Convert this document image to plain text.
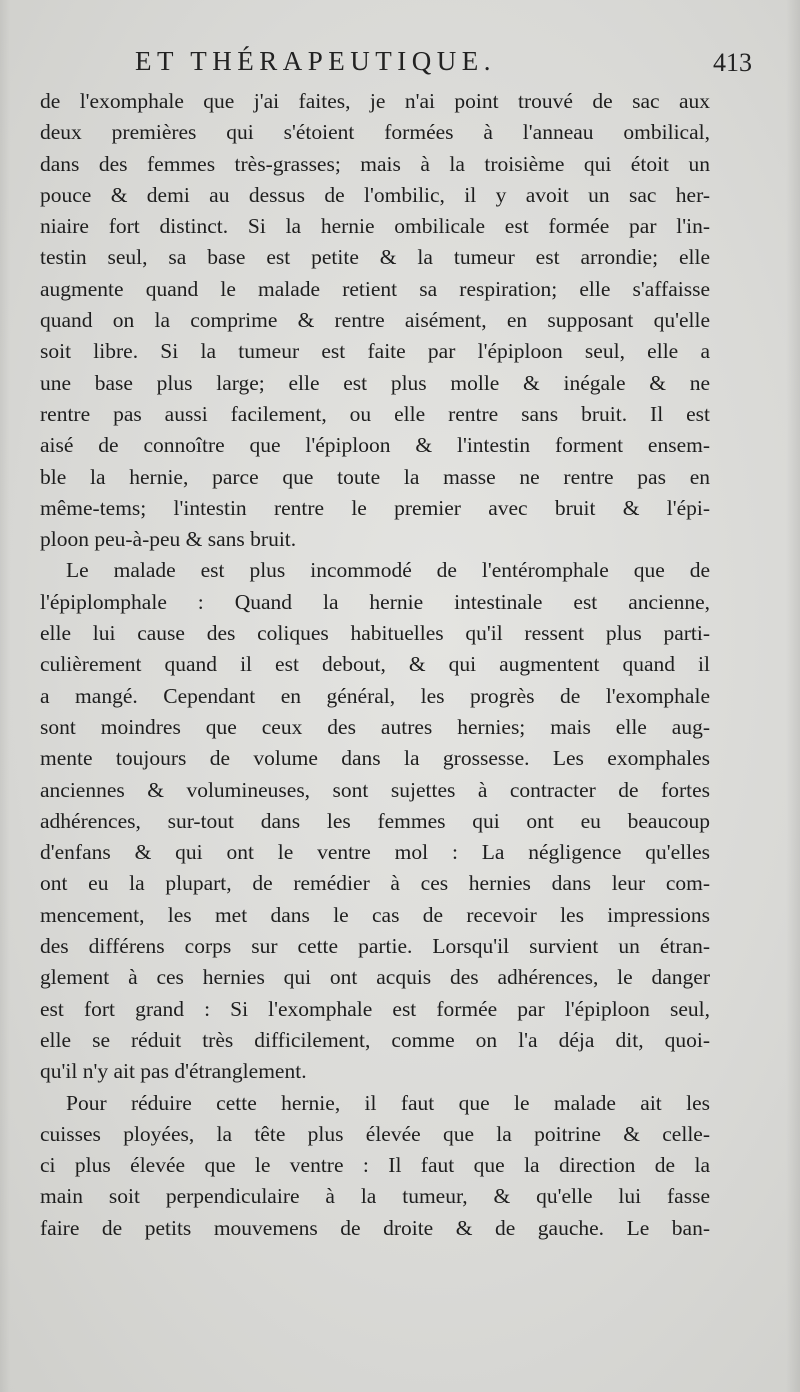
ET THÉRAPEUTIQUE.	413
de l'exomphale que j'ai faites, je n'ai point trouvé de sac aux
deux premières qui s'étoient formées à l'anneau ombilical,
dans des femmes très-grasses; mais à la troisième qui étoit un
pouce & demi au dessus de l'ombilic, il y avoit un sac her-
niaire fort distinct. Si la hernie ombilicale est formée par l'in-
testin seul, sa base est petite & la tumeur est arrondie; elle
augmente quand le malade retient sa respiration; elle s'affaisse
quand on la comprime & rentre aisément, en supposant qu'elle
soit libre. Si la tumeur est faite par l'épiploon seul, elle a
une base plus large; elle est plus molle & inégale & ne
rentre pas aussi facilement, ou elle rentre sans bruit. Il est
aisé de connoître que l'épiploon & l'intestin forment ensem-
ble la hernie, parce que toute la masse ne rentre pas en
même-tems; l'intestin rentre le premier avec bruit & l'épi-
ploon peu-à-peu & sans bruit.
Le malade est plus incommodé de l'entéromphale que de
l'épiplomphale : Quand la hernie intestinale est ancienne,
elle lui cause des coliques habituelles qu'il ressent plus parti-
culièrement quand il est debout, & qui augmentent quand il
a mangé. Cependant en général, les progrès de l'exomphale
sont moindres que ceux des autres hernies; mais elle aug-
mente toujours de volume dans la grossesse. Les exomphales
anciennes & volumineuses, sont sujettes à contracter de fortes
adhérences, sur-tout dans les femmes qui ont eu beaucoup
d'enfans & qui ont le ventre mol : La négligence qu'elles
ont eu la plupart, de remédier à ces hernies dans leur com-
mencement, les met dans le cas de recevoir les impressions
des différens corps sur cette partie. Lorsqu'il survient un étran-
glement à ces hernies qui ont acquis des adhérences, le danger
est fort grand : Si l'exomphale est formée par l'épiploon seul,
elle se réduit très difficilement, comme on l'a déja dit, quoi-
qu'il n'y ait pas d'étranglement.
Pour réduire cette hernie, il faut que le malade ait les
cuisses ployées, la tête plus élevée que la poitrine & celle-
ci plus élevée que le ventre : Il faut que la direction de la
main soit perpendiculaire à la tumeur, & qu'elle lui fasse
faire de petits mouvemens de droite & de gauche. Le ban-
